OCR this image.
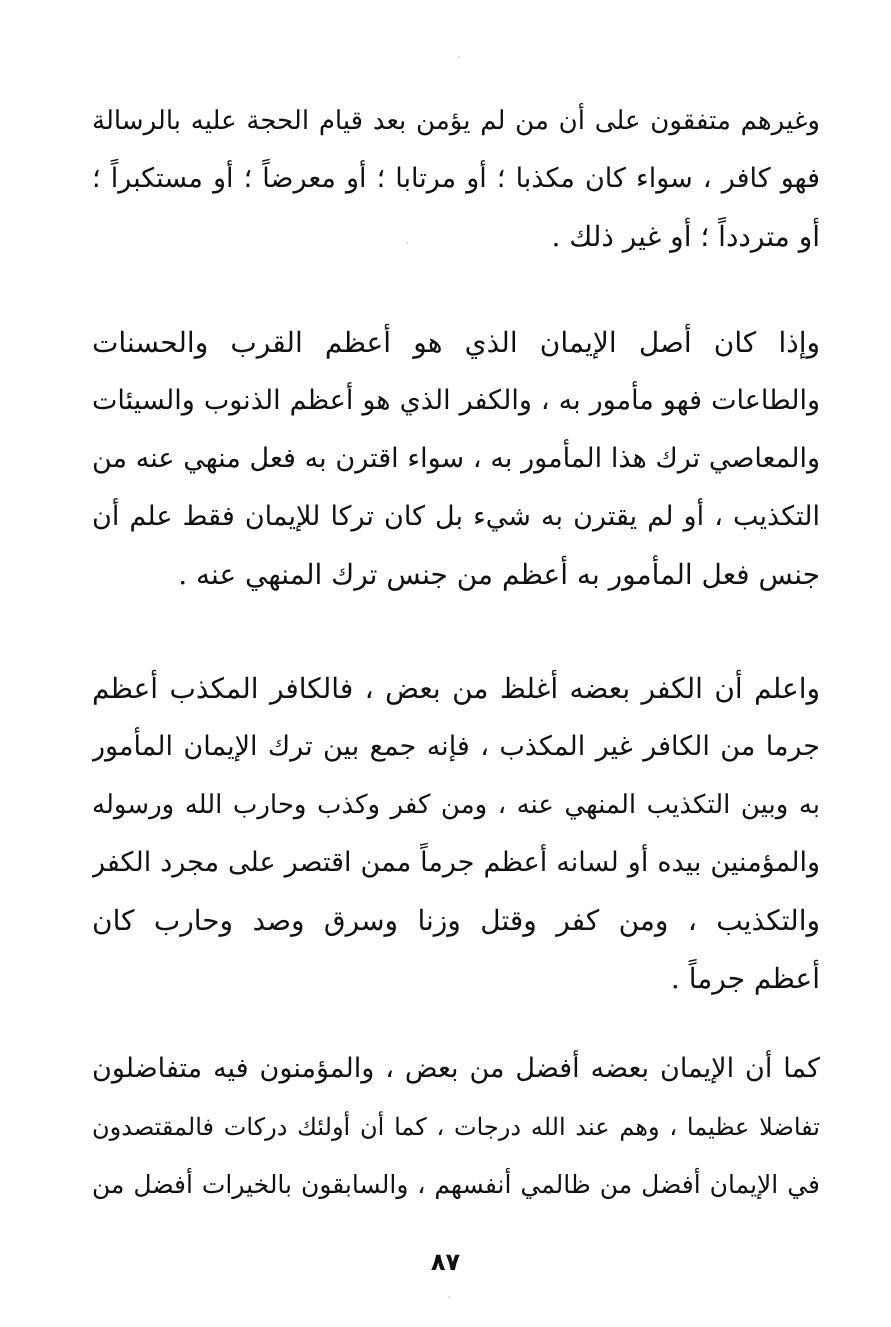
وغيرهم متفقون على أن من لم يؤمن بعد قيام الحجة عليه بالرسالة
فهو كافر ، سواء كان مكذبا ؛ أو مرتابا ؛ أو معرضاً ؛ أو مستكبراً ؛
أو متردداً ؛ أو غير ذلك .
وإذا كان أصل الإيمان الذي هو أعظم القرب والحسنات
والطاعات فهو مأمور به ، والكفر الذي هو أعظم الذنوب والسيئات
والمعاصي ترك هذا المأمور به ، سواء اقترن به فعل منهي عنه من
التكذيب ، أو لم يقترن به شيء بل كان تركا للإيمان فقط علم أن
جنس فعل المأمور به أعظم من جنس ترك المنهي عنه .
واعلم أن الكفر بعضه أغلظ من بعض ، فالكافر المكذب أعظم
جرما من الكافر غير المكذب ، فإنه جمع بين ترك الإيمان المأمور
به وبين التكذيب المنهي عنه ، ومن كفر وكذب وحارب الله ورسوله
والمؤمنين بيده أو لسانه أعظم جرماً ممن اقتصر على مجرد الكفر
والتكذيب ، ومن كفر وقتل وزنا وسرق وصد وحارب كان
أعظم جرماً .
كما أن الإيمان بعضه أفضل من بعض ، والمؤمنون فيه متفاضلون
تفاضلا عظيما ، وهم عند الله درجات ، كما أن أولئك دركات فالمقتصدون
في الإيمان أفضل من ظالمي أنفسهم ، والسابقون بالخيرات أفضل من
٨٧
